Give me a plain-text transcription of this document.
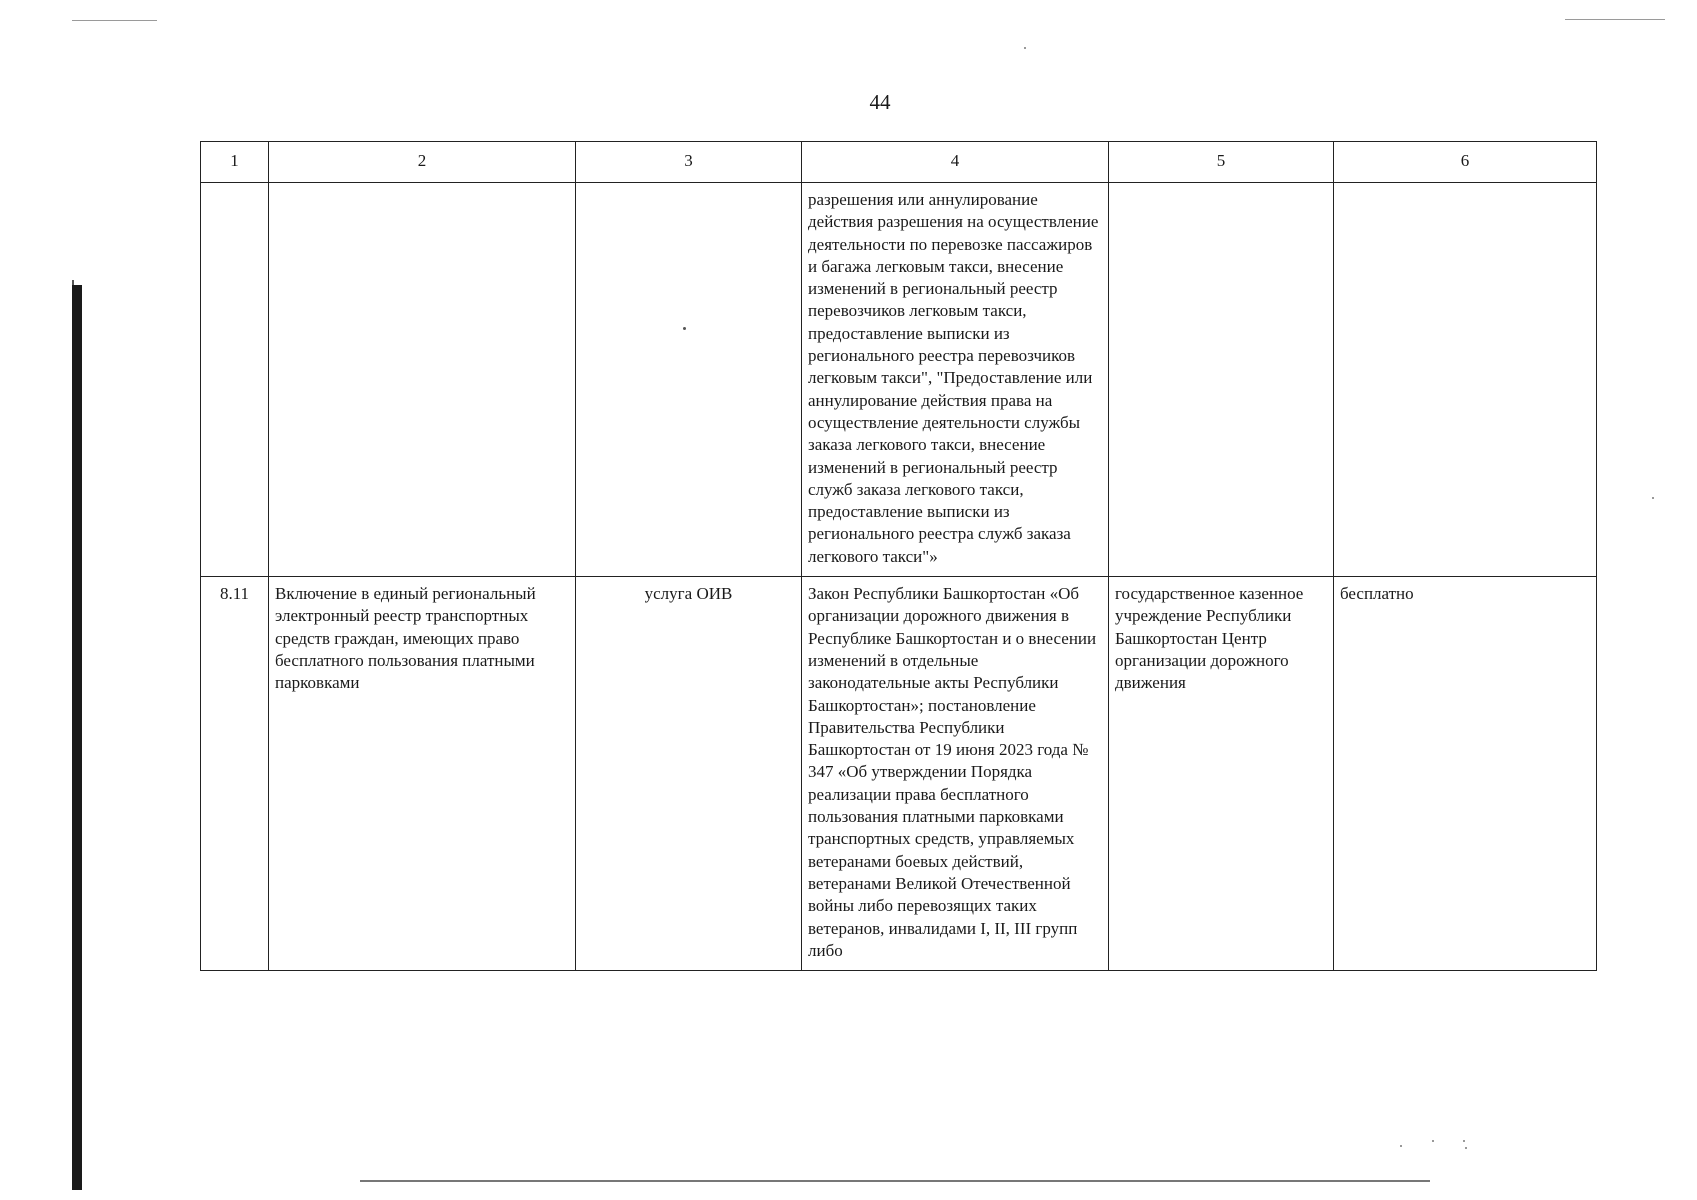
44
1	2	3	4	5	6
			разрешения или аннулирование действия разрешения на осуществление деятельности по перевозке пассажиров и багажа легковым такси, внесение изменений в региональный реестр перевозчиков легковым такси, предоставление выписки из регионального реестра перевозчиков легковым такси", "Предоставление или аннулирование действия права на осуществление деятельности службы заказа легкового такси, внесение изменений в региональный реестр служб заказа легкового такси, предоставление выписки из регионального реестра служб заказа легкового такси"»		
8.11	Включение в единый региональный электронный реестр транспортных средств граждан, имеющих право бесплатного пользования платными парковками	услуга ОИВ	Закон Республики Башкортостан «Об организации дорожного движения в Республике Башкортостан и о внесении изменений в отдельные законодательные акты Республики Башкортостан»; постановление Правительства Республики Башкортостан от 19 июня 2023 года № 347 «Об утверждении Порядка реализации права бесплатного пользования платными парковками транспортных средств, управляемых ветеранами боевых действий, ветеранами Великой Отечественной войны либо перевозящих таких ветеранов, инвалидами I, II, III групп либо	государственное казенное учреждение Республики Башкортостан Центр организации дорожного движения	бесплатно
